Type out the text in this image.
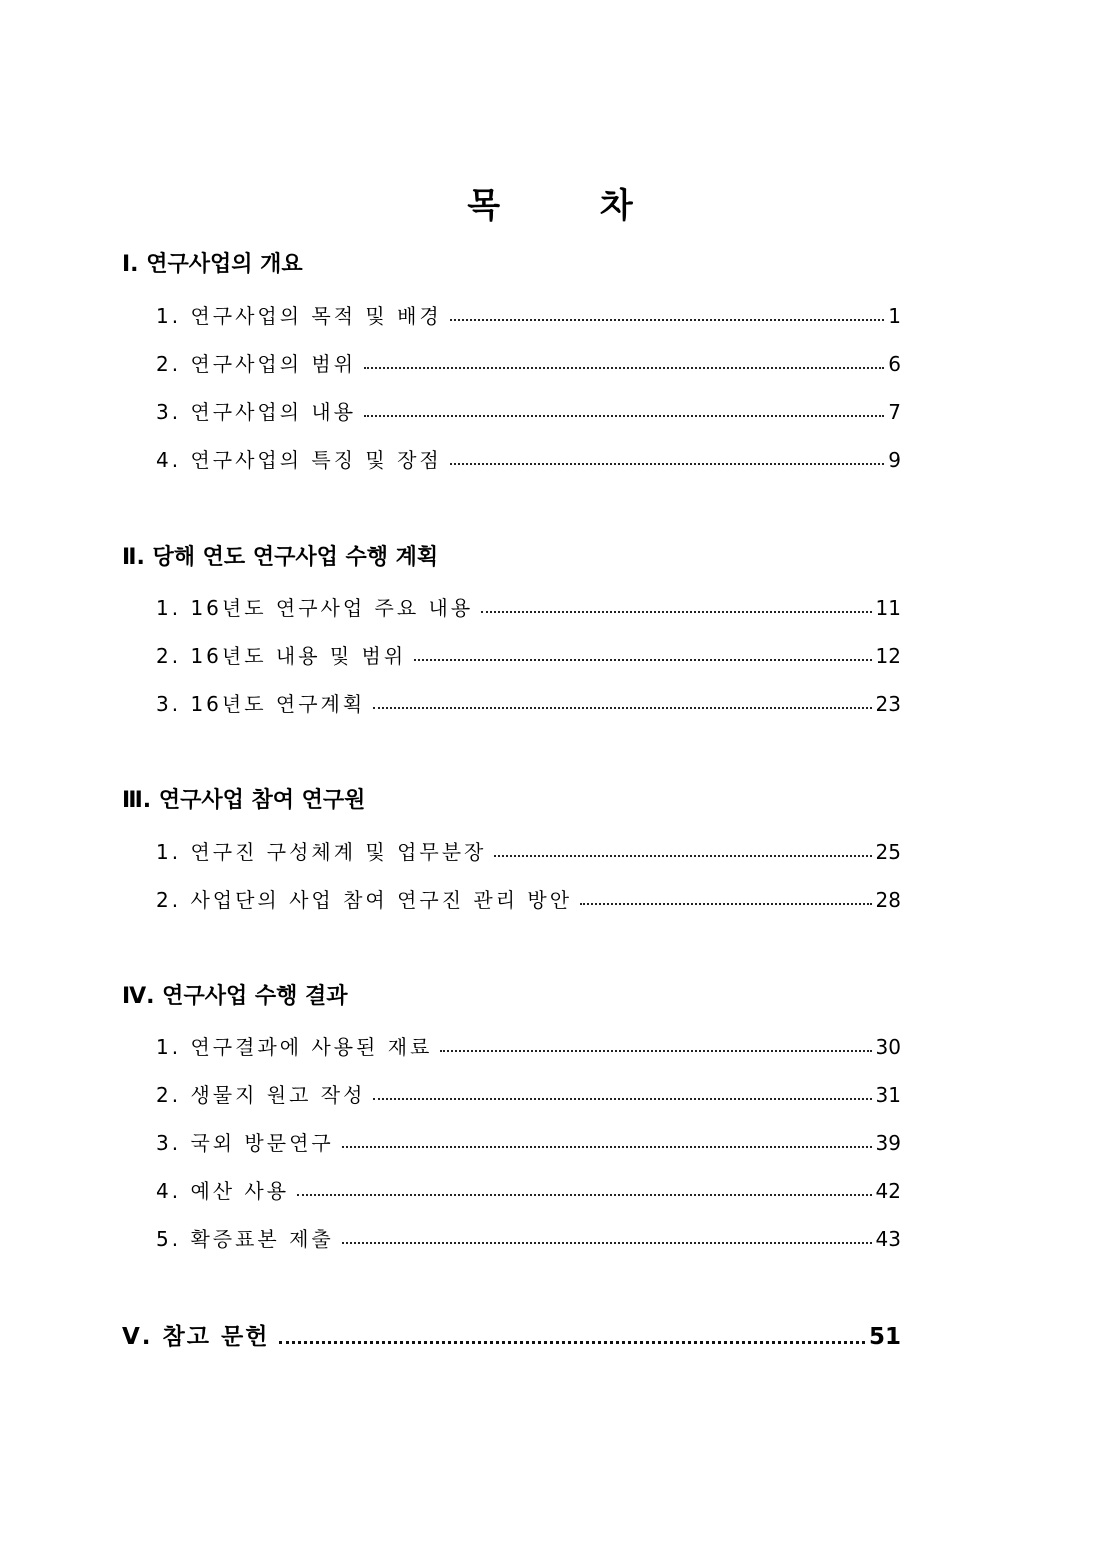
목 차
Ⅰ. 연구사업의 개요
1. 연구사업의 목적 및 배경	1
2. 연구사업의 범위	6
3. 연구사업의 내용	7
4. 연구사업의 특징 및 장점	9
Ⅱ. 당해 연도 연구사업 수행 계획
1. 16년도 연구사업 주요 내용	11
2. 16년도 내용 및 범위	12
3. 16년도 연구계획	23
Ⅲ. 연구사업 참여 연구원
1. 연구진 구성체계 및 업무분장	25
2. 사업단의 사업 참여 연구진 관리 방안	28
Ⅳ. 연구사업 수행 결과
1. 연구결과에 사용된 재료	30
2. 생물지 원고 작성	31
3. 국외 방문연구	39
4. 예산 사용	42
5. 확증표본 제출	43
Ⅴ. 참고 문헌	51
